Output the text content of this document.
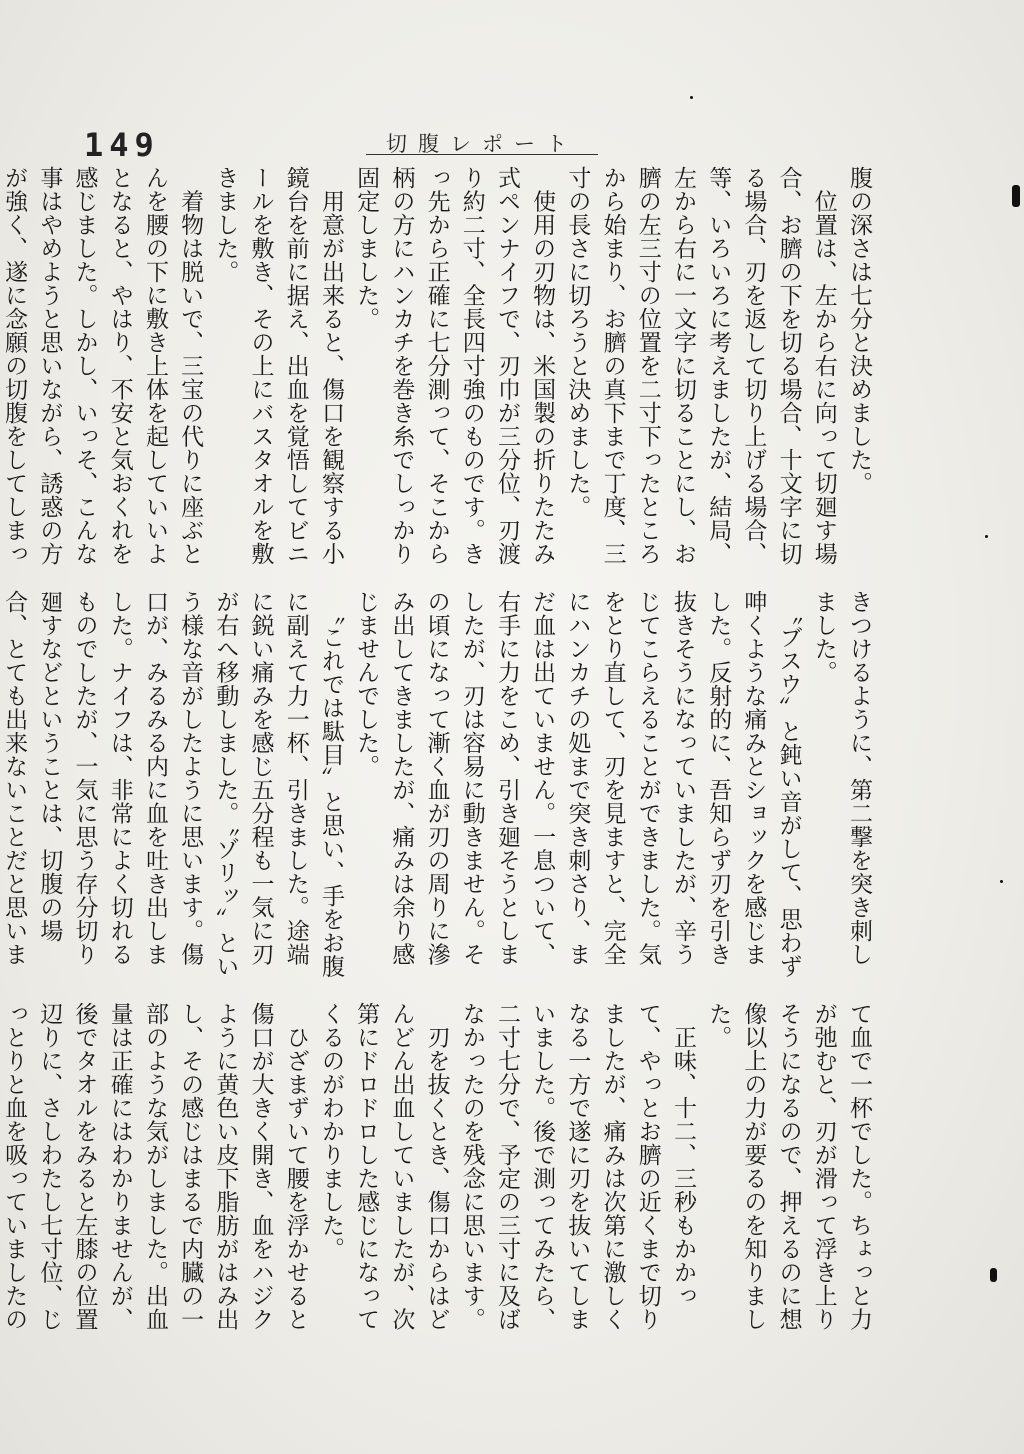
149	切腹レポート

腹の深さは七分と決めました。

　位置は、左から右に向って切廻す場合、お臍の下を切る場合、十文字に切る場合、刃を返して切り上げる場合、等、いろいろに考えましたが、結局、左から右に一文字に切ることにし、お臍の左三寸の位置を二寸下ったところから始まり、お臍の真下まで丁度、三寸の長さに切ろうと決めました。

　使用の刃物は、米国製の折りたたみ式ペンナイフで、刃巾が三分位、刃渡り約二寸、全長四寸強のものです。きっ先から正確に七分測って、そこから柄の方にハンカチを巻き糸でしっかり固定しました。

　用意が出来ると、傷口を観察する小鏡台を前に据え、出血を覚悟してビニールを敷き、その上にバスタオルを敷きました。

　着物は脱いで、三宝の代りに座ぶとんを腰の下に敷き上体を起していいよとなると、やはり、不安と気おくれを感じました。しかし、いっそ、こんな事はやめようと思いながら、誘惑の方が強く、遂に念願の切腹をしてしまっ

きつけるように、第二撃を突き刺しました。

　〝ブスウ〟と鈍い音がして、思わず呻くような痛みとショックを感じました。反射的に、吾知らず刃を引き抜きそうになっていましたが、辛うじてこらえることができました。気をとり直して、刃を見ますと、完全にハンカチの処まで突き刺さり、まだ血は出ていません。一息ついて、右手に力をこめ、引き廻そうとしましたが、刃は容易に動きません。その頃になって漸く血が刃の周りに滲み出してきましたが、痛みは余り感じませんでした。

　〝これでは駄目〟と思い、手をお腹に副えて力一杯、引きました。途端に鋭い痛みを感じ五分程も一気に刃が右へ移動しました。〝ゾリッ〟という様な音がしたように思います。傷口が、みるみる内に血を吐き出しました。ナイフは、非常によく切れるものでしたが、一気に思う存分切り廻すなどということは、切腹の場合、とても出来ないことだと思いま

て血で一杯でした。ちょっと力が弛むと、刃が滑って浮き上りそうになるので、押えるのに想像以上の力が要るのを知りました。

　正味、十二、三秒もかかって、やっとお臍の近くまで切りましたが、痛みは次第に激しくなる一方で遂に刃を抜いてしまいました。後で測ってみたら、二寸七分で、予定の三寸に及ばなかったのを残念に思います。

　刃を抜くとき、傷口からはどんどん出血していましたが、次第にドロドロした感じになってくるのがわかりました。

　ひざまずいて腰を浮かせると傷口が大きく開き、血をハジクように黄色い皮下脂肪がはみ出し、その感じはまるで内臓の一部のような気がしました。出血量は正確にはわかりませんが、後でタオルをみると左膝の位置辺りに、さしわたし七寸位、じっとりと血を吸っていましたの
